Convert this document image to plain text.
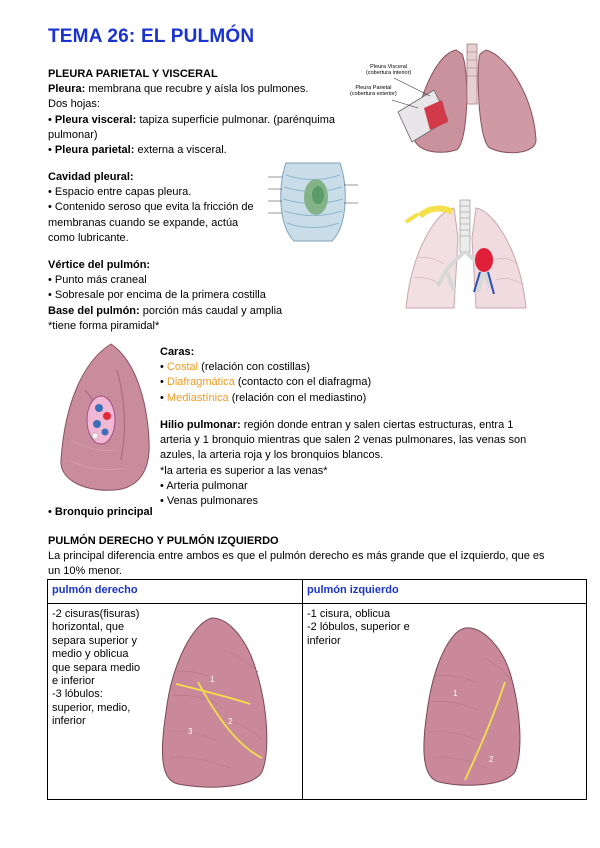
TEMA 26: EL PULMÓN

PLEURA PARIETAL Y VISCERAL

Pleura: membrana que recubre y aísla los pulmones.

Dos hojas:

• Pleura visceral: tapiza superficie pulmonar. (parénquima pulmonar)

• Pleura parietal: externa a visceral.

Cavidad pleural:

• Espacio entre capas pleura.

• Contenido seroso que evita la fricción de membranas cuando se expande, actúa como lubricante.

Vértice del pulmón:

• Punto más craneal

• Sobresale por encima de la primera costilla

Base del pulmón: porción más caudal y amplia

*tiene forma piramidal*

Caras:

• Costal (relación con costillas)

• Diafragmática (contacto con el diafragma)

• Mediastínica (relación con el mediastino)

Hilio pulmonar: región donde entran y salen ciertas estructuras, entra 1 arteria y 1 bronquio mientras que salen 2 venas pulmonares, las venas son azules, la arteria roja y los bronquios blancos.

*la arteria es superior a las venas*

• Arteria pulmonar

• Venas pulmonares

• Bronquio principal

PULMÓN DERECHO Y PULMÓN IZQUIERDO

La principal diferencia entre ambos es que el pulmón derecho es más grande que el izquierdo, que es un 10% menor.

pulmón derecho	pulmón izquierdo

-2 cisuras(fisuras) horizontal, que separa superior y medio y oblicua que separa medio e inferior
-3 lóbulos: superior, medio, inferior	-1 cisura, oblicua
-2 lóbulos, superior e inferior
Pleura Visceral
(cobertura interior)
Pleura Parietal
(cobertura exterior)
1
2
3
1
2
